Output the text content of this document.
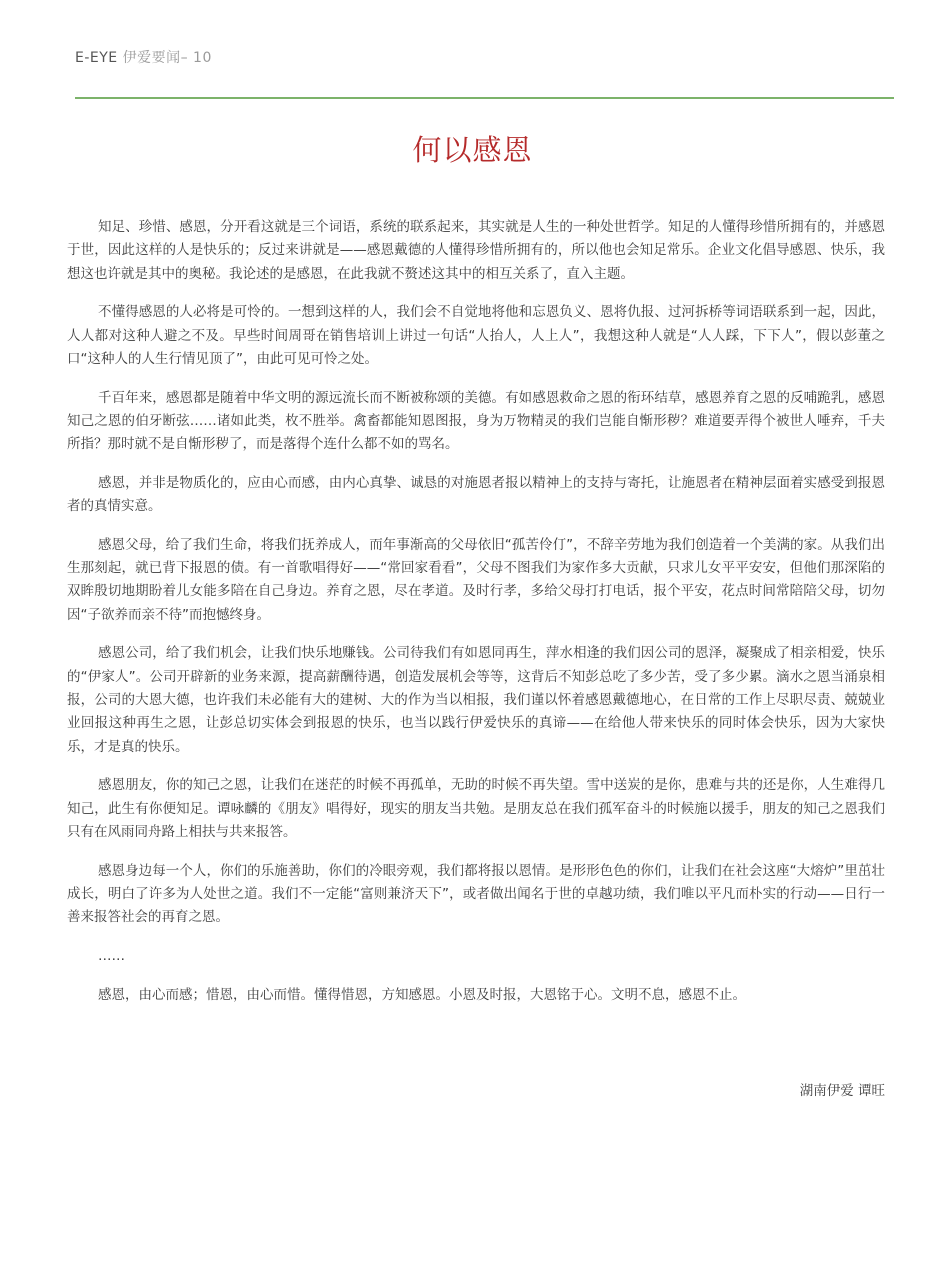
E-EYE 伊爱要闻– 10
何以感恩

知足、珍惜、感恩，分开看这就是三个词语，系统的联系起来，其实就是人生的一种处世哲学。知足的人懂得珍惜所拥有的，并感恩于世，因此这样的人是快乐的；反过来讲就是——感恩戴德的人懂得珍惜所拥有的，所以他也会知足常乐。企业文化倡导感恩、快乐，我想这也许就是其中的奥秘。我论述的是感恩，在此我就不赘述这其中的相互关系了，直入主题。

不懂得感恩的人必将是可怜的。一想到这样的人，我们会不自觉地将他和忘恩负义、恩将仇报、过河拆桥等词语联系到一起，因此，人人都对这种人避之不及。早些时间周哥在销售培训上讲过一句话“人抬人，人上人”，我想这种人就是“人人踩，下下人”，假以彭董之口“这种人的人生行情见顶了”，由此可见可怜之处。

千百年来，感恩都是随着中华文明的源远流长而不断被称颂的美德。有如感恩救命之恩的衔环结草，感恩养育之恩的反哺跪乳，感恩知己之恩的伯牙断弦……诸如此类，枚不胜举。禽畜都能知恩图报，身为万物精灵的我们岂能自惭形秽？难道要弄得个被世人唾弃，千夫所指？那时就不是自惭形秽了，而是落得个连什么都不如的骂名。

感恩，并非是物质化的，应由心而感，由内心真挚、诚恳的对施恩者报以精神上的支持与寄托，让施恩者在精神层面着实感受到报恩者的真情实意。

感恩父母，给了我们生命，将我们抚养成人，而年事渐高的父母依旧“孤苦伶仃”，不辞辛劳地为我们创造着一个美满的家。从我们出生那刻起，就已背下报恩的债。有一首歌唱得好——“常回家看看”，父母不图我们为家作多大贡献，只求儿女平平安安，但他们那深陷的双眸殷切地期盼着儿女能多陪在自己身边。养育之恩，尽在孝道。及时行孝，多给父母打打电话，报个平安，花点时间常陪陪父母，切勿因“子欲养而亲不待”而抱憾终身。

感恩公司，给了我们机会，让我们快乐地赚钱。公司待我们有如恩同再生，萍水相逢的我们因公司的恩泽，凝聚成了相亲相爱，快乐的“伊家人”。公司开辟新的业务来源，提高薪酬待遇，创造发展机会等等，这背后不知彭总吃了多少苦，受了多少累。滴水之恩当涌泉相报，公司的大恩大德，也许我们未必能有大的建树、大的作为当以相报，我们谨以怀着感恩戴德地心，在日常的工作上尽职尽责、兢兢业业回报这种再生之恩，让彭总切实体会到报恩的快乐，也当以践行伊爱快乐的真谛——在给他人带来快乐的同时体会快乐，因为大家快乐，才是真的快乐。

感恩朋友，你的知己之恩，让我们在迷茫的时候不再孤单，无助的时候不再失望。雪中送炭的是你，患难与共的还是你，人生难得几知己，此生有你便知足。谭咏麟的《朋友》唱得好，现实的朋友当共勉。是朋友总在我们孤军奋斗的时候施以援手，朋友的知己之恩我们只有在风雨同舟路上相扶与共来报答。

感恩身边每一个人，你们的乐施善助，你们的冷眼旁观，我们都将报以恩情。是形形色色的你们，让我们在社会这座“大熔炉”里茁壮成长，明白了许多为人处世之道。我们不一定能“富则兼济天下”，或者做出闻名于世的卓越功绩，我们唯以平凡而朴实的行动——日行一善来报答社会的再育之恩。

……

感恩，由心而感；惜恩，由心而惜。懂得惜恩，方知感恩。小恩及时报，大恩铭于心。文明不息，感恩不止。

湖南伊爱 谭旺
